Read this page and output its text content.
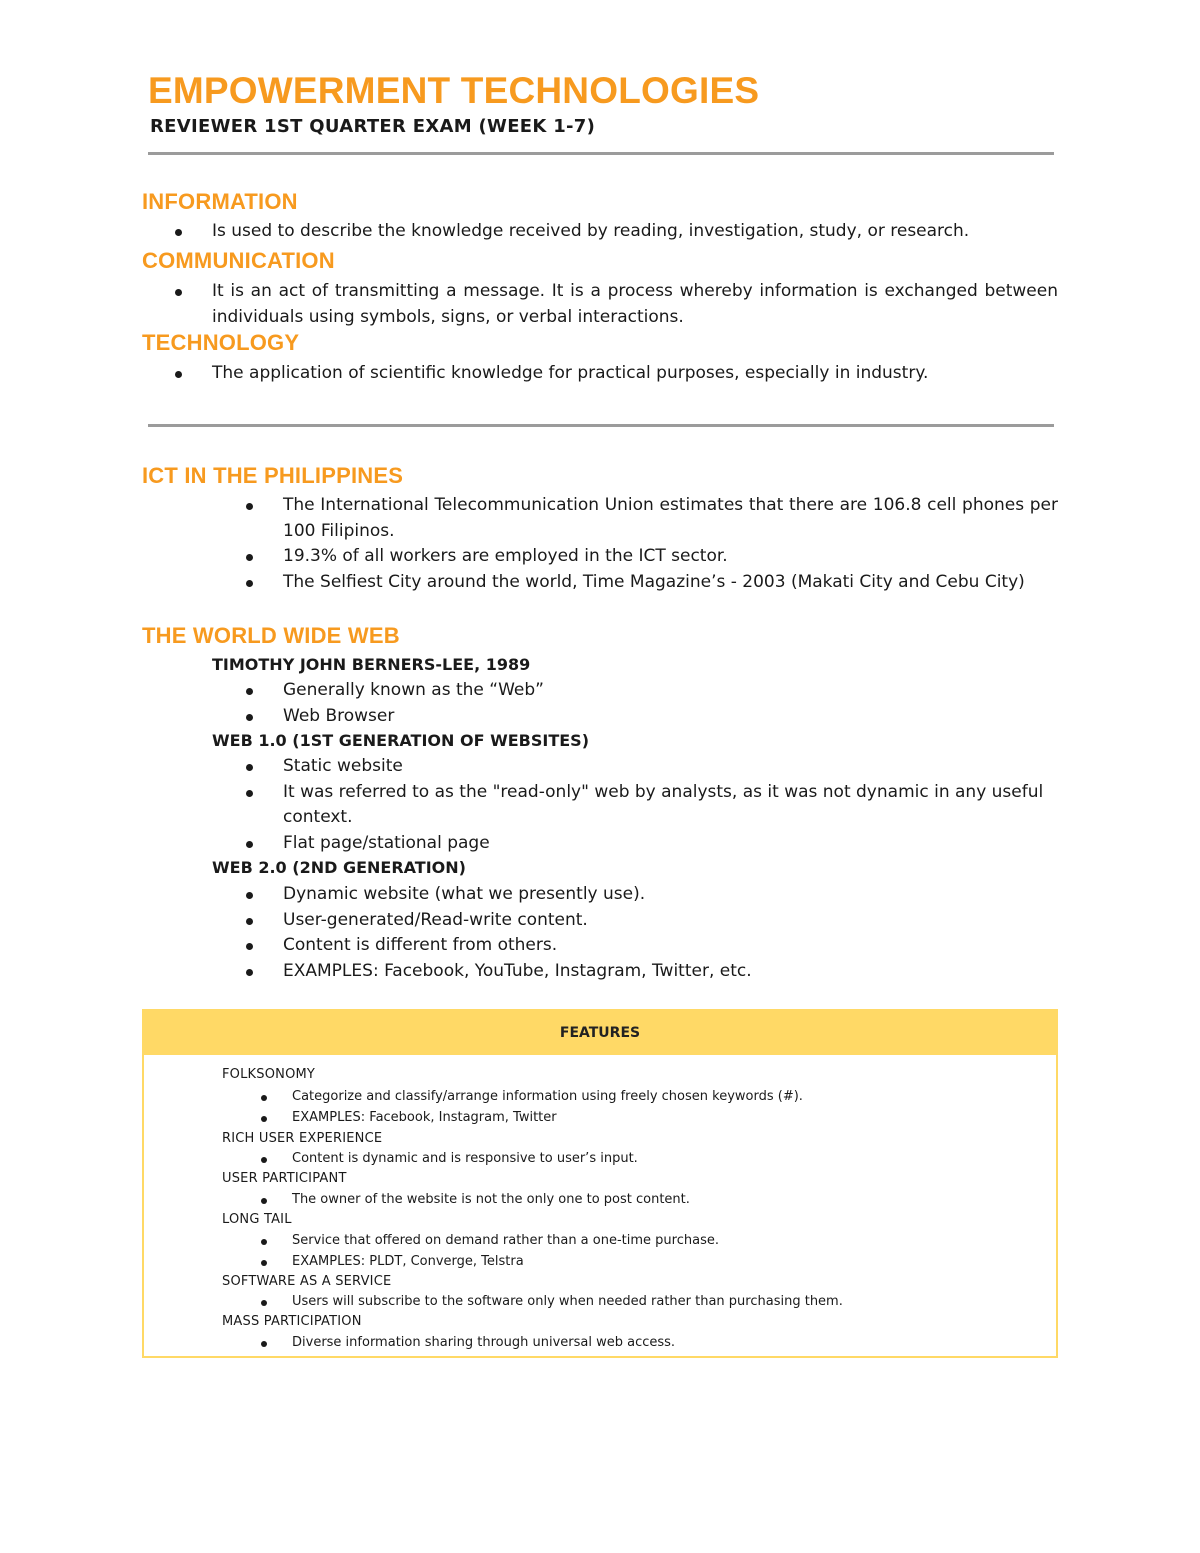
EMPOWERMENT TECHNOLOGIES
REVIEWER 1ST QUARTER EXAM (WEEK 1-7)
INFORMATION
Is used to describe the knowledge received by reading, investigation, study, or research.
COMMUNICATION
It is an act of transmitting a message. It is a process whereby information is exchanged between individuals using symbols, signs, or verbal interactions.
TECHNOLOGY
The application of scientific knowledge for practical purposes, especially in industry.
ICT IN THE PHILIPPINES
The International Telecommunication Union estimates that there are 106.8 cell phones per 100 Filipinos.
19.3% of all workers are employed in the ICT sector.
The Selfiest City around the world, Time Magazine’s - 2003 (Makati City and Cebu City)
THE WORLD WIDE WEB
TIMOTHY JOHN BERNERS-LEE, 1989
Generally known as the “Web”
Web Browser
WEB 1.0 (1ST GENERATION OF WEBSITES)
Static website
It was referred to as the "read-only" web by analysts, as it was not dynamic in any useful context.
Flat page/stational page
WEB 2.0 (2ND GENERATION)
Dynamic website (what we presently use).
User-generated/Read-write content.
Content is different from others.
EXAMPLES: Facebook, YouTube, Instagram, Twitter, etc.
FEATURES
FOLKSONOMY
Categorize and classify/arrange information using freely chosen keywords (#).
EXAMPLES: Facebook, Instagram, Twitter
RICH USER EXPERIENCE
Content is dynamic and is responsive to user’s input.
USER PARTICIPANT
The owner of the website is not the only one to post content.
LONG TAIL
Service that offered on demand rather than a one-time purchase.
EXAMPLES: PLDT, Converge, Telstra
SOFTWARE AS A SERVICE
Users will subscribe to the software only when needed rather than purchasing them.
MASS PARTICIPATION
Diverse information sharing through universal web access.
